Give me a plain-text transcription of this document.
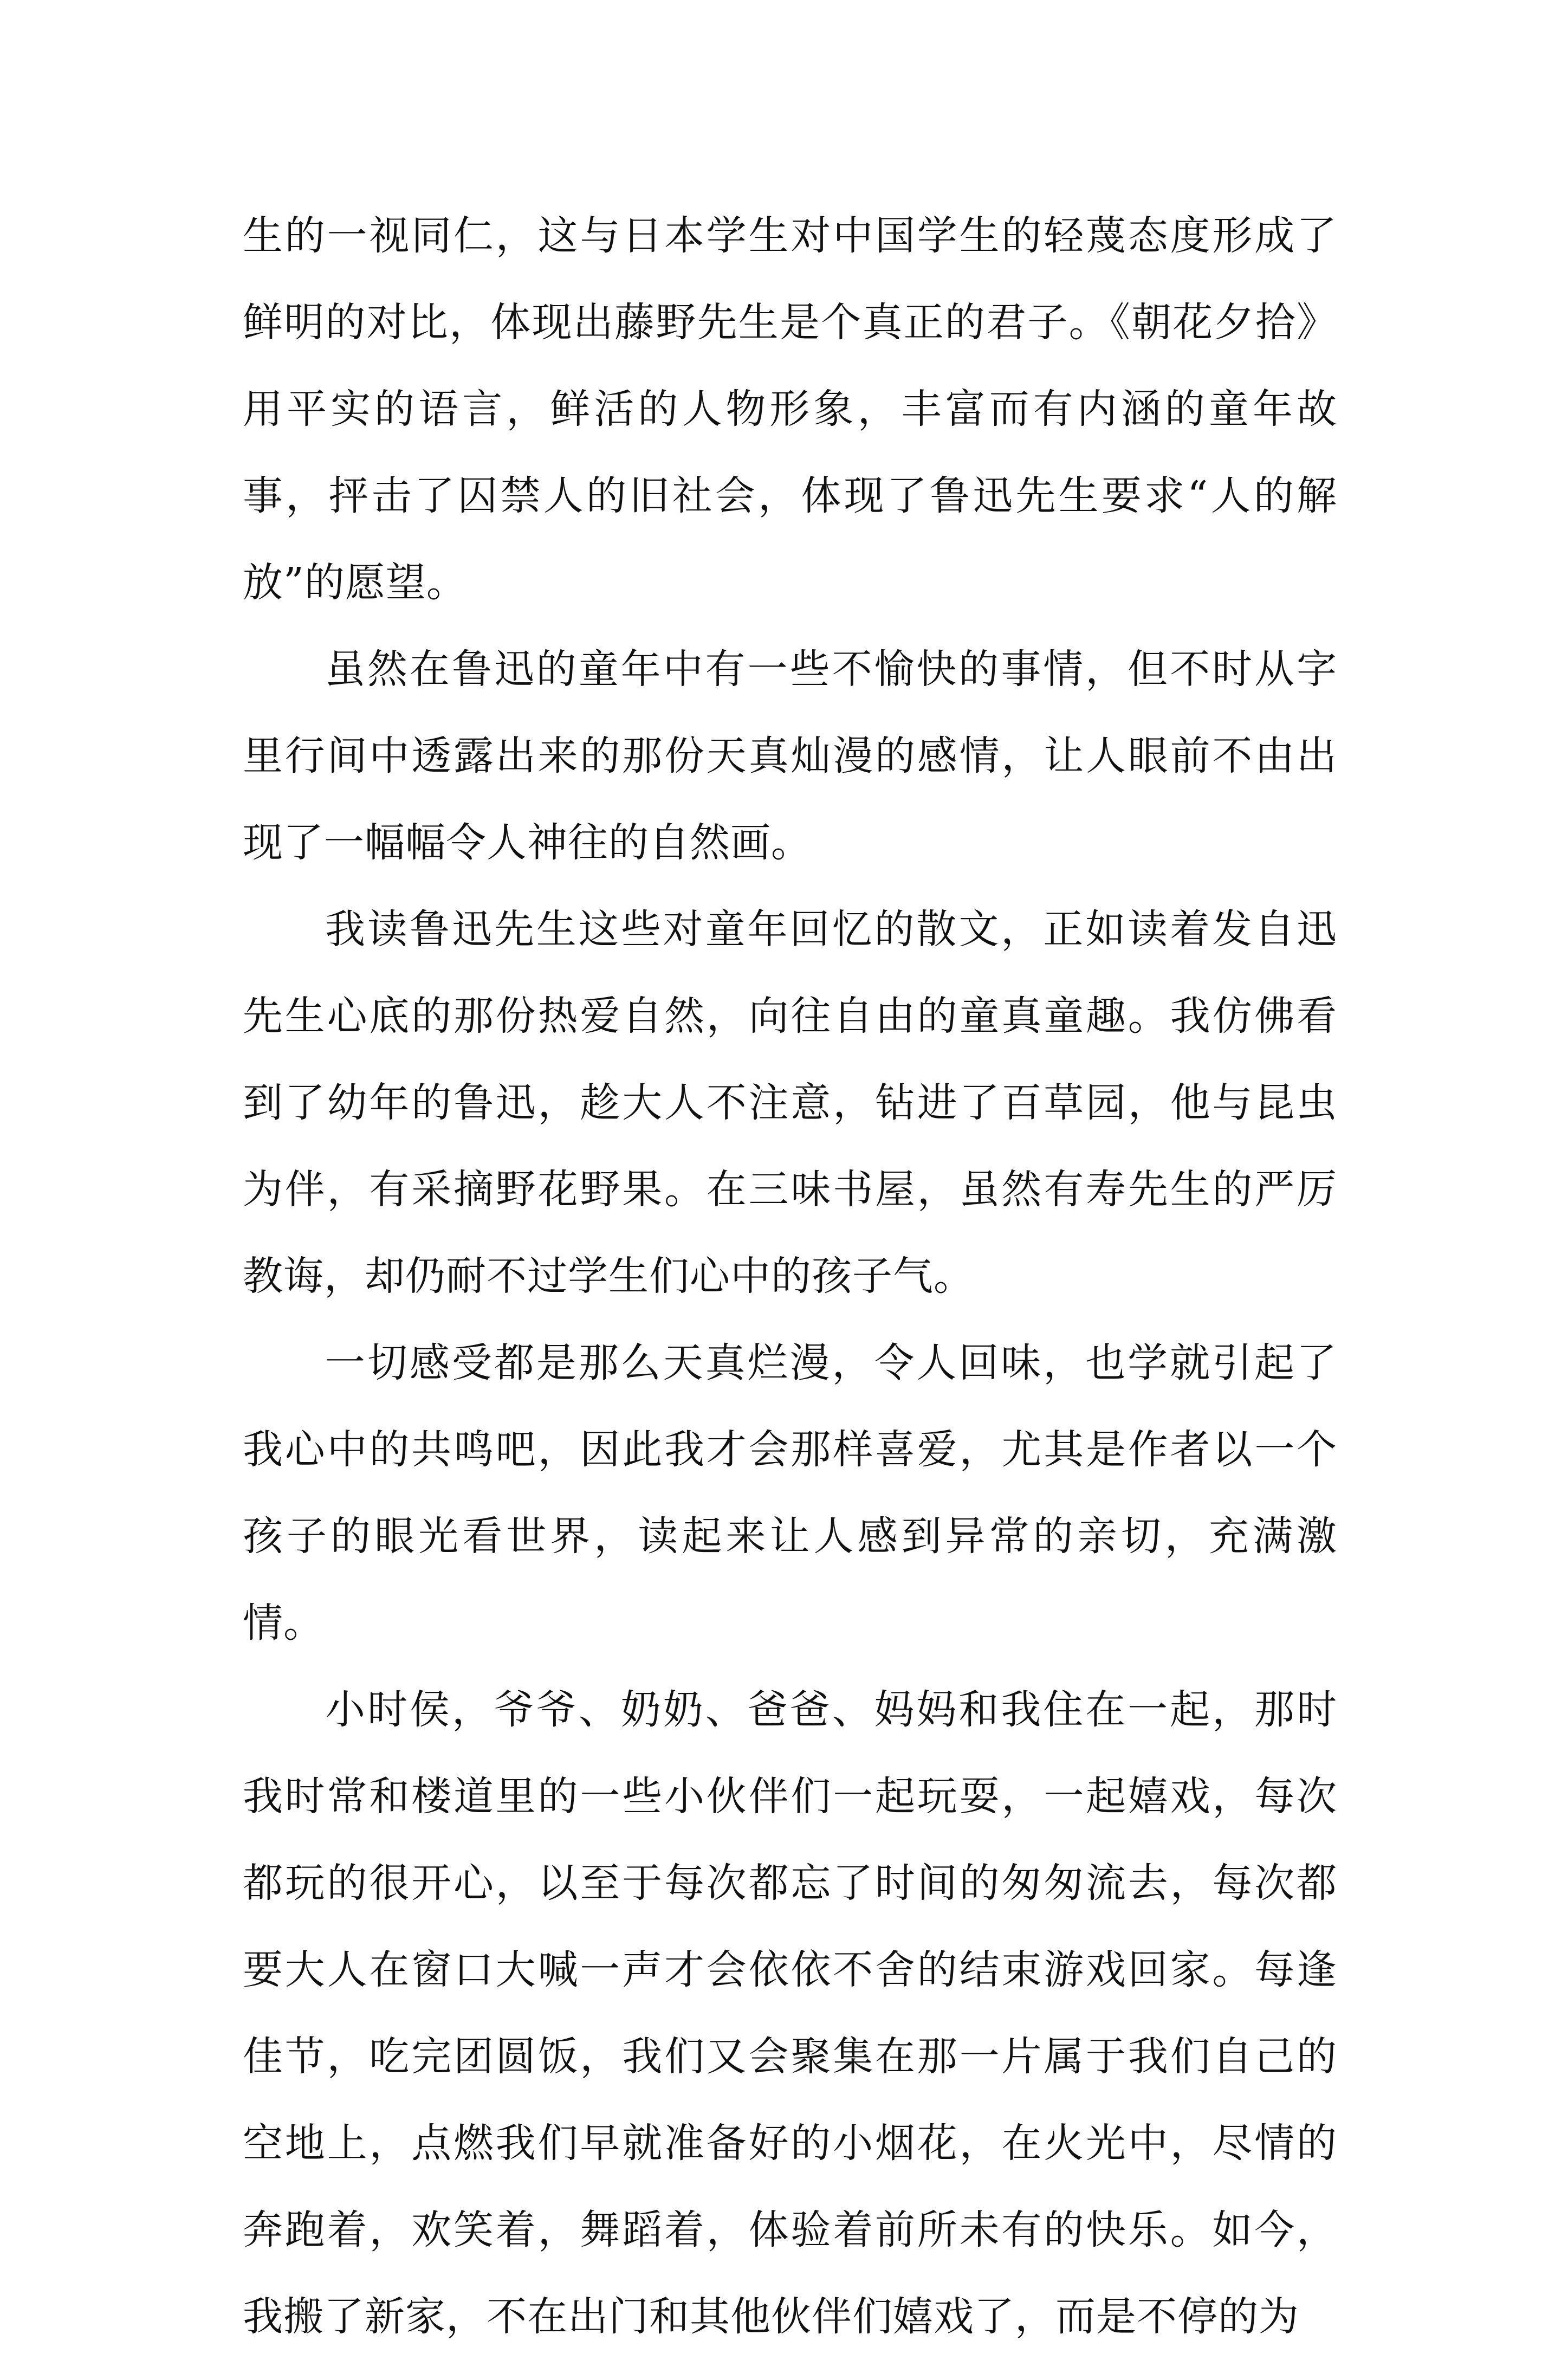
生的一视同仁，这与日本学生对中国学生的轻蔑态度形成了鲜明的对比，体现出藤野先生是个真正的君子。《朝花夕拾》用平实的语言，鲜活的人物形象，丰富而有内涵的童年故事，抨击了囚禁人的旧社会，体现了鲁迅先生要求“人的解放”的愿望。

虽然在鲁迅的童年中有一些不愉快的事情，但不时从字里行间中透露出来的那份天真灿漫的感情，让人眼前不由出现了一幅幅令人神往的自然画。

我读鲁迅先生这些对童年回忆的散文，正如读着发自迅先生心底的那份热爱自然，向往自由的童真童趣。我仿佛看到了幼年的鲁迅，趁大人不注意，钻进了百草园，他与昆虫为伴，有采摘野花野果。在三味书屋，虽然有寿先生的严厉教诲，却仍耐不过学生们心中的孩子气。

一切感受都是那么天真烂漫，令人回味，也学就引起了我心中的共鸣吧，因此我才会那样喜爱，尤其是作者以一个孩子的眼光看世界，读起来让人感到异常的亲切，充满激情。

小时侯，爷爷、奶奶、爸爸、妈妈和我住在一起，那时我时常和楼道里的一些小伙伴们一起玩耍，一起嬉戏，每次都玩的很开心，以至于每次都忘了时间的匆匆流去，每次都要大人在窗口大喊一声才会依依不舍的结束游戏回家。每逢佳节，吃完团圆饭，我们又会聚集在那一片属于我们自己的空地上，点燃我们早就准备好的小烟花，在火光中，尽情的奔跑着，欢笑着，舞蹈着，体验着前所未有的快乐。如今，我搬了新家，不在出门和其他伙伴们嬉戏了，而是不停的为
